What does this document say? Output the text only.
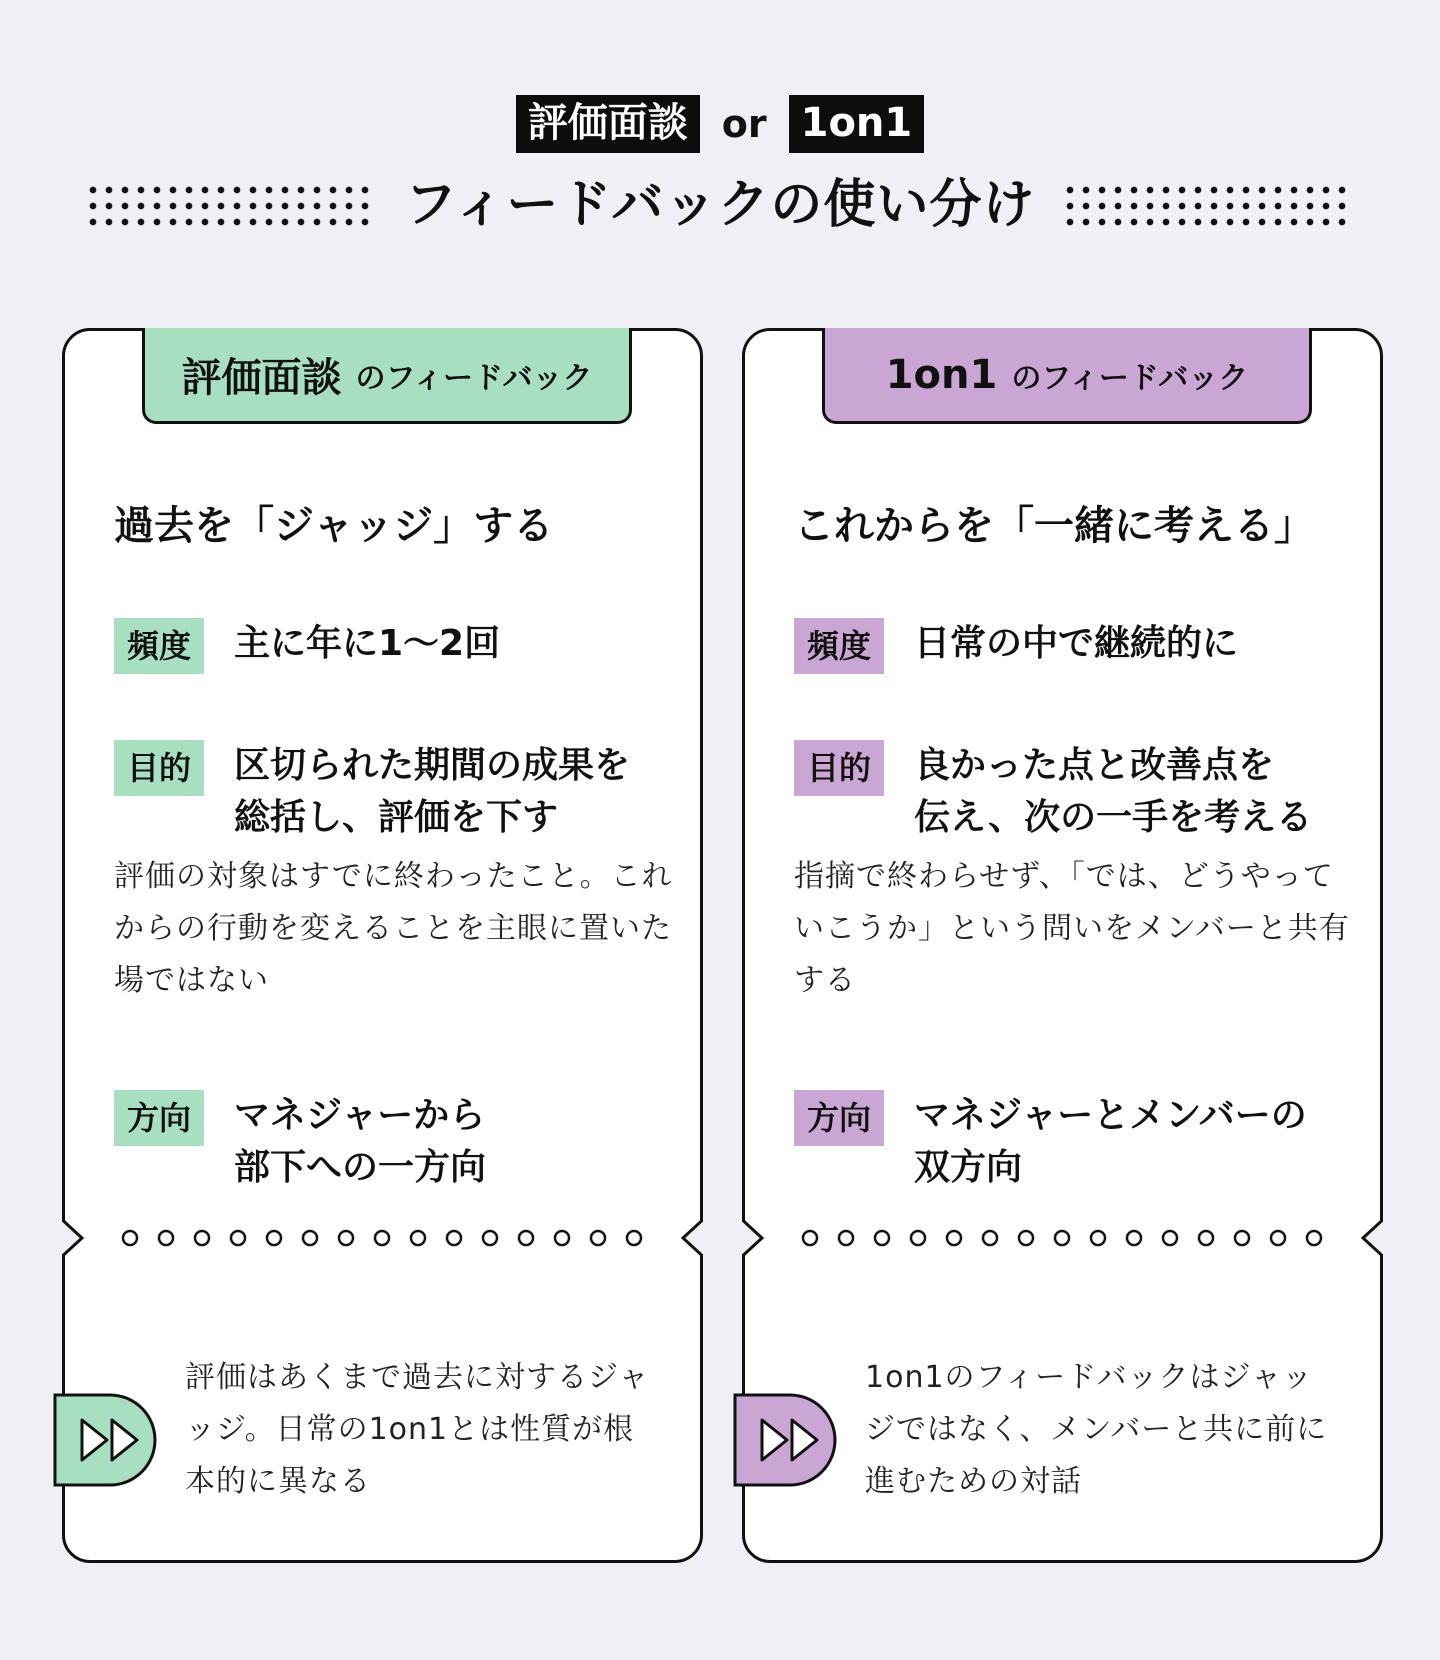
評価面談 or 1on1
フィードバックの使い分け
評価面談 のフィードバック
過去を「ジャッジ」する
頻度	主に年に1〜2回
目的	区切られた期間の成果を
総括し、評価を下す
評価の対象はすでに終わったこと。これからの行動を変えることを主眼に置いた場ではない
方向	マネジャーから
部下への一方向
評価はあくまで過去に対するジャッジ。日常の1on1とは性質が根本的に異なる
1on1 のフィードバック
これからを「一緒に考える」
頻度	日常の中で継続的に
目的	良かった点と改善点を
伝え、次の一手を考える
指摘で終わらせず、「では、どうやっていこうか」という問いをメンバーと共有する
方向	マネジャーとメンバーの
双方向
1on1のフィードバックはジャッジではなく、メンバーと共に前に進むための対話
